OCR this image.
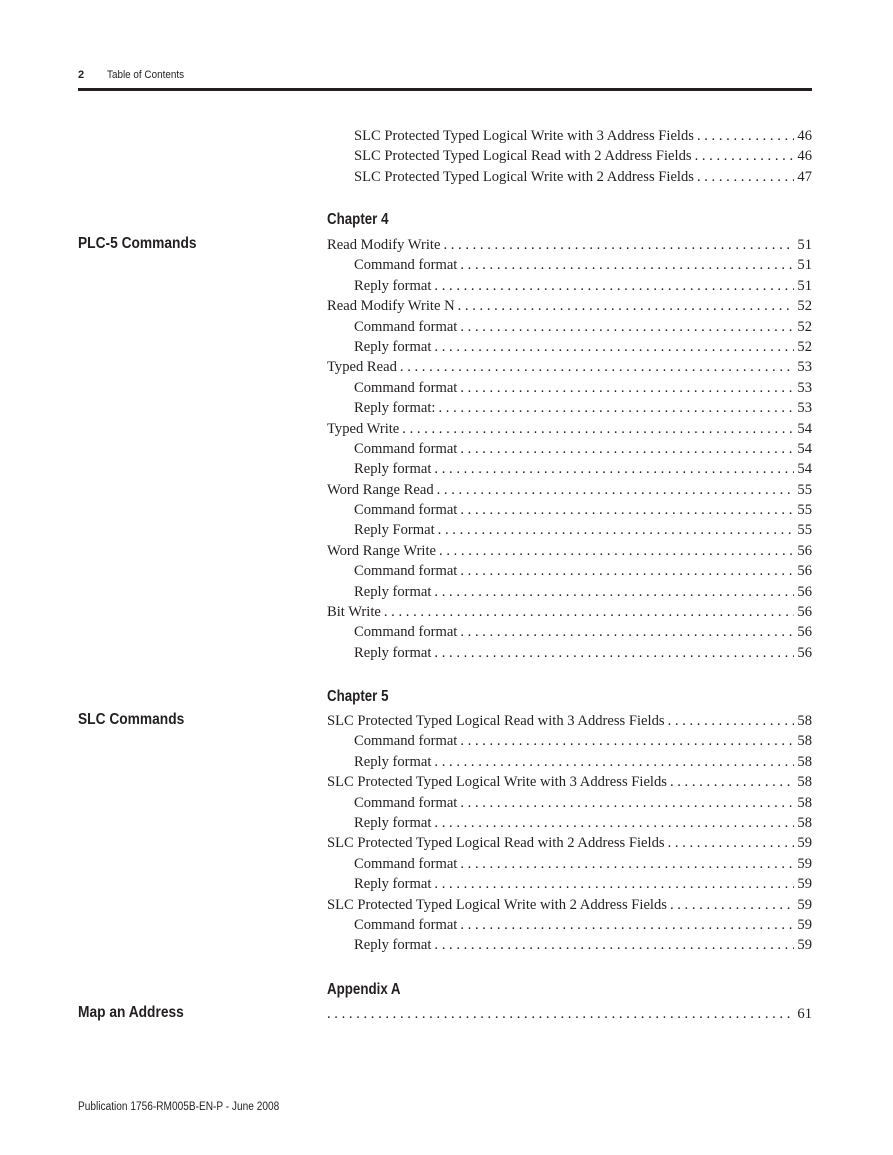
2 Table of Contents
SLC Protected Typed Logical Write with 3 Address Fields . . .	46
SLC Protected Typed Logical Read with 2 Address Fields . . .	46
SLC Protected Typed Logical Write with 2 Address Fields . . .	47
Chapter 4
PLC-5 Commands	Read Modify Write . . .	51
Command format . . .	51
Reply format . . .	51
Read Modify Write N . . .	52
Command format . . .	52
Reply format . . .	52
Typed Read . . .	53
Command format . . .	53
Reply format: . . .	53
Typed Write . . .	54
Command format . . .	54
Reply format . . .	54
Word Range Read . . .	55
Command format . . .	55
Reply Format . . .	55
Word Range Write . . .	56
Command format . . .	56
Reply format . . .	56
Bit Write . . .	56
Command format . . .	56
Reply format . . .	56
Chapter 5
SLC Commands	SLC Protected Typed Logical Read with 3 Address Fields . . .	58
Command format . . .	58
Reply format . . .	58
SLC Protected Typed Logical Write with 3 Address Fields . . .	58
Command format . . .	58
Reply format . . .	58
SLC Protected Typed Logical Read with 2 Address Fields . . .	59
Command format . . .	59
Reply format . . .	59
SLC Protected Typed Logical Write with 2 Address Fields . . .	59
Command format . . .	59
Reply format . . .	59
Appendix A
Map an Address . . .	61
Publication 1756-RM005B-EN-P - June 2008
